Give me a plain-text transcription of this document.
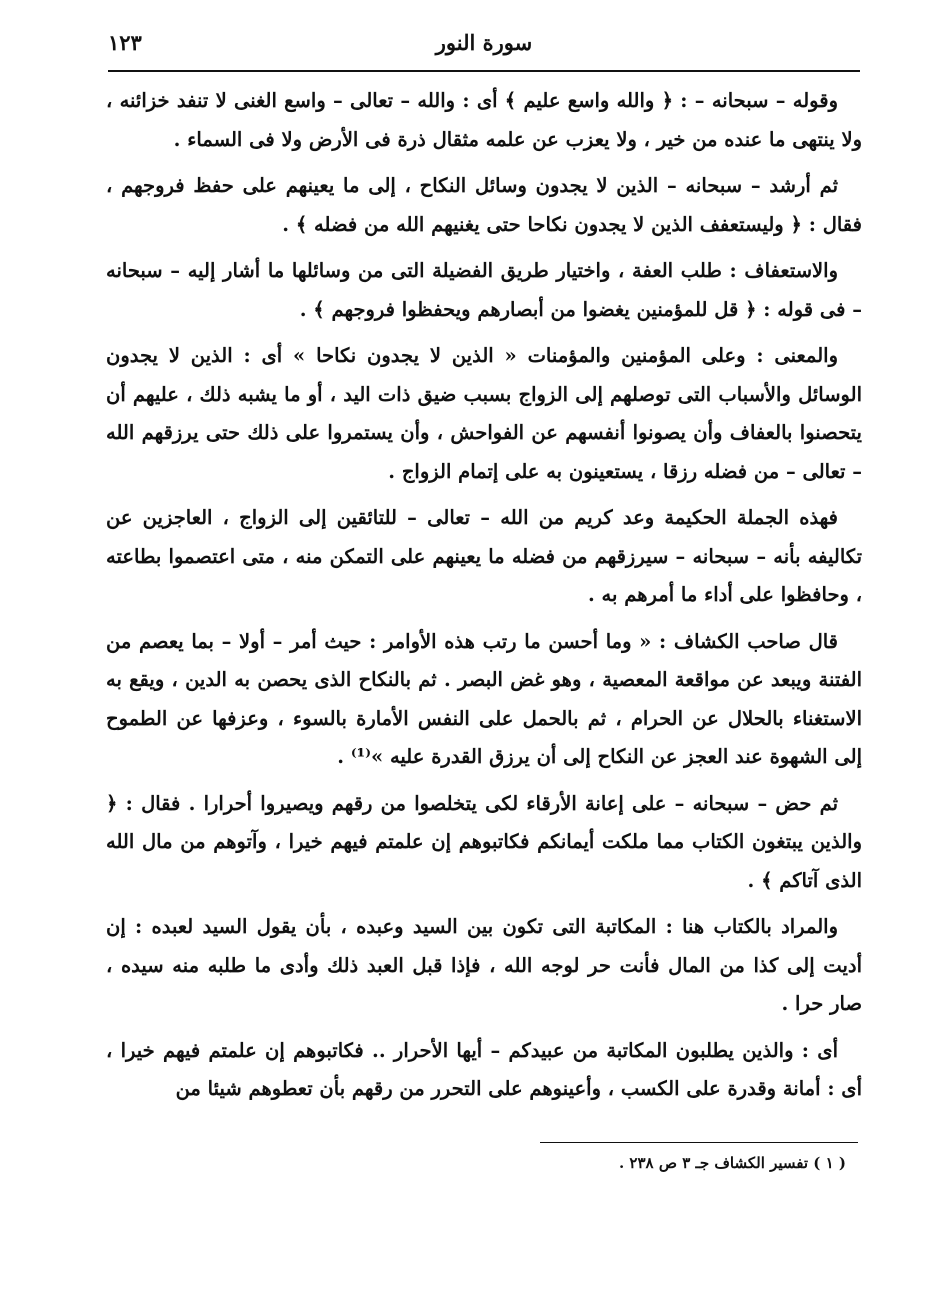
١٢٣	سورة النور

وقوله – سبحانه – : ﴿ والله واسع عليم ﴾ أى : والله – تعالى – واسع الغنى لا تنفد خزائنه ، ولا ينتهى ما عنده من خير ، ولا يعزب عن علمه مثقال ذرة فى الأرض ولا فى السماء .

ثم أرشد – سبحانه – الذين لا يجدون وسائل النكاح ، إلى ما يعينهم على حفظ فروجهم ، فقال : ﴿ وليستعفف الذين لا يجدون نكاحا حتى يغنيهم الله من فضله ﴾ .

والاستعفاف : طلب العفة ، واختيار طريق الفضيلة التى من وسائلها ما أشار إليه – سبحانه – فى قوله : ﴿ قل للمؤمنين يغضوا من أبصارهم ويحفظوا فروجهم ﴾ .

والمعنى : وعلى المؤمنين والمؤمنات « الذين لا يجدون نكاحا » أى : الذين لا يجدون الوسائل والأسباب التى توصلهم إلى الزواج بسبب ضيق ذات اليد ، أو ما يشبه ذلك ، عليهم أن يتحصنوا بالعفاف وأن يصونوا أنفسهم عن الفواحش ، وأن يستمروا على ذلك حتى يرزقهم الله – تعالى – من فضله رزقا ، يستعينون به على إتمام الزواج .

فهذه الجملة الحكيمة وعد كريم من الله – تعالى – للتائقين إلى الزواج ، العاجزين عن تكاليفه بأنه – سبحانه – سيرزقهم من فضله ما يعينهم على التمكن منه ، متى اعتصموا بطاعته ، وحافظوا على أداء ما أمرهم به .

قال صاحب الكشاف : « وما أحسن ما رتب هذه الأوامر : حيث أمر – أولا – بما يعصم من الفتنة ويبعد عن مواقعة المعصية ، وهو غض البصر . ثم بالنكاح الذى يحصن به الدين ، ويقع به الاستغناء بالحلال عن الحرام ، ثم بالحمل على النفس الأمارة بالسوء ، وعزفها عن الطموح إلى الشهوة عند العجز عن النكاح إلى أن يرزق القدرة عليه »⁽¹⁾ .

ثم حض – سبحانه – على إعانة الأرقاء لكى يتخلصوا من رقهم ويصيروا أحرارا . فقال : ﴿ والذين يبتغون الكتاب مما ملكت أيمانكم فكاتبوهم إن علمتم فيهم خيرا ، وآتوهم من مال الله الذى آتاكم ﴾ .

والمراد بالكتاب هنا : المكاتبة التى تكون بين السيد وعبده ، بأن يقول السيد لعبده : إن أديت إلى كذا من المال فأنت حر لوجه الله ، فإذا قبل العبد ذلك وأدى ما طلبه منه سيده ، صار حرا .

أى : والذين يطلبون المكاتبة من عبيدكم – أيها الأحرار .. فكاتبوهم إن علمتم فيهم خيرا ، أى : أمانة وقدرة على الكسب ، وأعينوهم على التحرر من رقهم بأن تعطوهم شيئا من

( ١ ) تفسير الكشاف جـ ٣ ص ٢٣٨ .
